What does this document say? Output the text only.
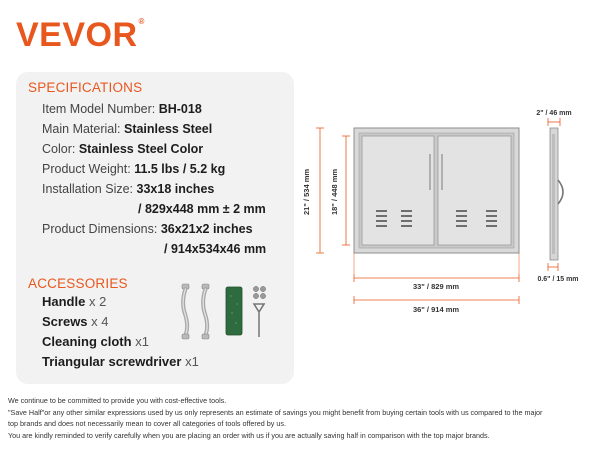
VEVOR®
SPECIFICATIONS
Item Model Number: BH-018
Main Material: Stainless Steel
Color: Stainless Steel Color
Product Weight: 11.5 lbs / 5.2 kg
Installation Size: 33x18 inches
/ 829x448 mm ± 2 mm
Product Dimensions: 36x21x2 inches
/ 914x534x46 mm
ACCESSORIES
Handle x 2
Screws x 4
Cleaning cloth x1
Triangular screwdriver x1
21" / 534 mm	18" / 448 mm
33" / 829 mm
36" / 914 mm
2" / 46 mm
0.6" / 15 mm
We continue to be committed to provide you with cost-effective tools.
"Save Half"or any other similar expressions used by us only represents an estimate of savings you might benefit from buying certain tools with us compared to the major
top brands and does not necessarily mean to cover all categories of tools offered by us.
You are kindly reminded to verify carefully when you are placing an order with us if you are actually saving half in comparison with the top major brands.
